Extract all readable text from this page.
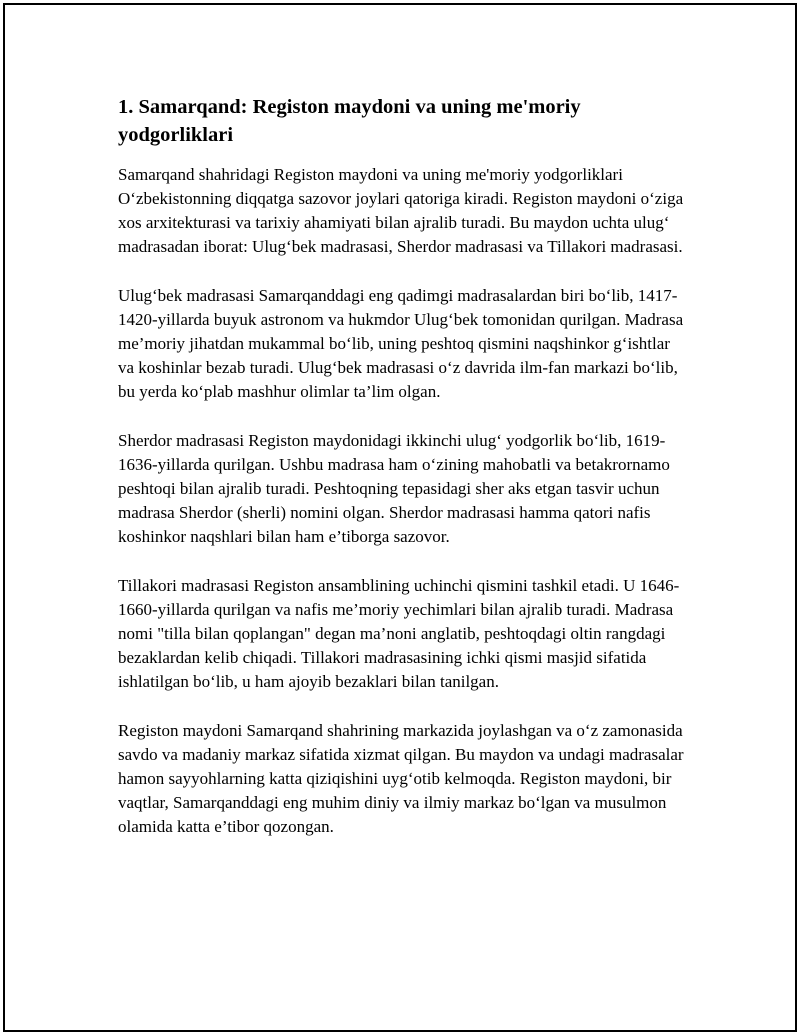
1. Samarqand: Registon maydoni va uning me'moriy yodgorliklari

Samarqand shahridagi Registon maydoni va uning me'moriy yodgorliklari O‘zbekistonning diqqatga sazovor joylari qatoriga kiradi. Registon maydoni o‘ziga xos arxitekturasi va tarixiy ahamiyati bilan ajralib turadi. Bu maydon uchta ulug‘ madrasadan iborat: Ulug‘bek madrasasi, Sherdor madrasasi va Tillakori madrasasi.

Ulug‘bek madrasasi Samarqanddagi eng qadimgi madrasalardan biri bo‘lib, 1417-1420-yillarda buyuk astronom va hukmdor Ulug‘bek tomonidan qurilgan. Madrasa me’moriy jihatdan mukammal bo‘lib, uning peshtoq qismini naqshinkor g‘ishtlar va koshinlar bezab turadi. Ulug‘bek madrasasi o‘z davrida ilm-fan markazi bo‘lib, bu yerda ko‘plab mashhur olimlar ta’lim olgan.

Sherdor madrasasi Registon maydonidagi ikkinchi ulug‘ yodgorlik bo‘lib, 1619-1636-yillarda qurilgan. Ushbu madrasa ham o‘zining mahobatli va betakrornamo peshtoqi bilan ajralib turadi. Peshtoqning tepasidagi sher aks etgan tasvir uchun madrasa Sherdor (sherli) nomini olgan. Sherdor madrasasi hamma qatori nafis koshinkor naqshlari bilan ham e’tiborga sazovor.

Tillakori madrasasi Registon ansamblining uchinchi qismini tashkil etadi. U 1646-1660-yillarda qurilgan va nafis me’moriy yechimlari bilan ajralib turadi. Madrasa nomi "tilla bilan qoplangan" degan ma’noni anglatib, peshtoqdagi oltin rangdagi bezaklardan kelib chiqadi. Tillakori madrasasining ichki qismi masjid sifatida ishlatilgan bo‘lib, u ham ajoyib bezaklari bilan tanilgan.

Registon maydoni Samarqand shahrining markazida joylashgan va o‘z zamonasida savdo va madaniy markaz sifatida xizmat qilgan. Bu maydon va undagi madrasalar hamon sayyohlarning katta qiziqishini uyg‘otib kelmoqda. Registon maydoni, bir vaqtlar, Samarqanddagi eng muhim diniy va ilmiy markaz bo‘lgan va musulmon olamida katta e’tibor qozongan.
